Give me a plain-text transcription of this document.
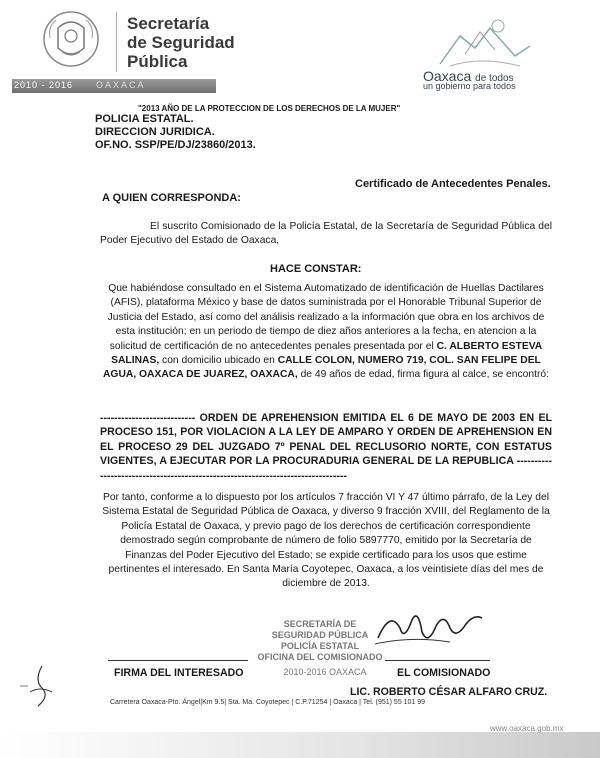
Secretaría
de Seguridad
Pública
2010 - 2016	OAXACA
Oaxaca de todos
un gobierno para todos
"2013 AÑO DE LA PROTECCION DE LOS DERECHOS DE LA MUJER"
POLICIA ESTATAL.
DIRECCION JURIDICA.
OF.NO. SSP/PE/DJ/23860/2013.
Certificado de Antecedentes Penales.
A QUIEN CORRESPONDA:
El suscrito Comisionado de la Policía Estatal, de la Secretaría de Seguridad Pública del Poder Ejecutivo del Estado de Oaxaca,
HACE CONSTAR:
Que habiéndose consultado en el Sistema Automatizado de identificación de Huellas Dactilares (AFIS), plataforma México y base de datos suministrada por el Honorable Tribunal Superior de Justicia del Estado, así como del análisis realizado a la información que obra en los archivos de esta institución; en un periodo de tiempo de diez años anteriores a la fecha, en atencion a la solicitud de certificación de no antecedentes penales presentada por el C. ALBERTO ESTEVA SALINAS, con domicilio ubicado en CALLE COLON, NUMERO 719, COL. SAN FELIPE DEL AGUA, OAXACA DE JUAREZ, OAXACA, de 49 años de edad, firma figura al calce, se encontró:
--------------------------- ORDEN DE APREHENSION EMITIDA EL 6 DE MAYO DE 2003 EN EL PROCESO 151, POR VIOLACION A LA LEY DE AMPARO Y ORDEN DE APREHENSION EN EL PROCESO 29 DEL JUZGADO 7º PENAL DEL RECLUSORIO NORTE, CON ESTATUS VIGENTES, A EJECUTAR POR LA PROCURADURIA GENERAL DE LA REPUBLICA --------------------------------------------------------------------------------
Por tanto, conforme a lo dispuesto por los artículos 7 fracción VI Y 47 último párrafo, de la Ley del Sistema Estatal de Seguridad Pública de Oaxaca, y diverso 9 fracción XVIII, del Reglamento de la Policía Estatal de Oaxaca, y previo pago de los derechos de certificación correspondiente demostrado según comprobante de número de folio 5897770, emitido por la Secretaría de Finanzas del Poder Ejecutivo del Estado; se expide certificado para los usos que estime pertinentes el interesado. En Santa María Coyotepec, Oaxaca, a los veintisiete días del mes de diciembre de 2013.
SECRETARÍA DE
SEGURIDAD PÚBLICA
POLICÍA ESTATAL
OFICINA DEL COMISIONADO
2010-2016 OAXACA
FIRMA DEL INTERESADO	EL COMISIONADO
LIC. ROBERTO CÉSAR ALFARO CRUZ.
Carretera Oaxaca-Pto. Ángel|Km 9.5| Sta. Ma. Coyotepec | C.P.71254 | Oaxaca | Tel. (951) 55 101 99
www.oaxaca.gob.mx
